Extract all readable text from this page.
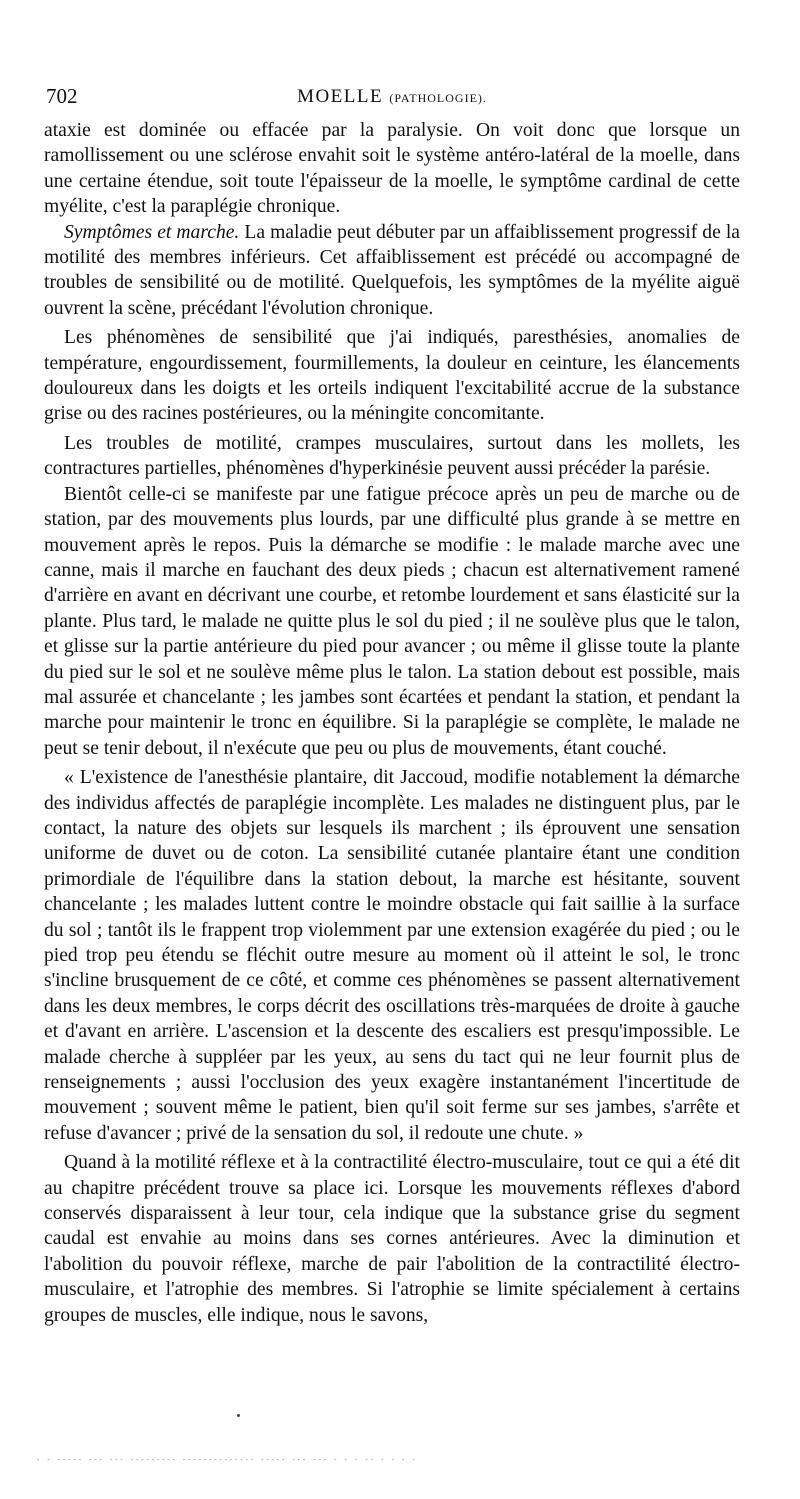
702	MOELLE (PATHOLOGIE).

ataxie est dominée ou effacée par la paralysie. On voit donc que lorsque un ramollissement ou une sclérose envahit soit le système antéro-latéral de la moelle, dans une certaine étendue, soit toute l'épaisseur de la moelle, le symptôme cardinal de cette myélite, c'est la paraplégie chronique.

Symptômes et marche. La maladie peut débuter par un affaiblissement progressif de la motilité des membres inférieurs. Cet affaiblissement est précédé ou accompagné de troubles de sensibilité ou de motilité. Quelquefois, les symptômes de la myélite aiguë ouvrent la scène, précédant l'évolution chronique.

Les phénomènes de sensibilité que j'ai indiqués, paresthésies, anomalies de température, engourdissement, fourmillements, la douleur en ceinture, les élancements douloureux dans les doigts et les orteils indiquent l'excitabilité accrue de la substance grise ou des racines postérieures, ou la méningite concomitante.

Les troubles de motilité, crampes musculaires, surtout dans les mollets, les contractures partielles, phénomènes d'hyperkinésie peuvent aussi précéder la parésie.

Bientôt celle-ci se manifeste par une fatigue précoce après un peu de marche ou de station, par des mouvements plus lourds, par une difficulté plus grande à se mettre en mouvement après le repos. Puis la démarche se modifie : le malade marche avec une canne, mais il marche en fauchant des deux pieds ; chacun est alternativement ramené d'arrière en avant en décrivant une courbe, et retombe lourdement et sans élasticité sur la plante. Plus tard, le malade ne quitte plus le sol du pied ; il ne soulève plus que le talon, et glisse sur la partie antérieure du pied pour avancer ; ou même il glisse toute la plante du pied sur le sol et ne soulève même plus le talon. La station debout est possible, mais mal assurée et chancelante ; les jambes sont écartées et pendant la station, et pendant la marche pour maintenir le tronc en équilibre. Si la paraplégie se complète, le malade ne peut se tenir debout, il n'exécute que peu ou plus de mouvements, étant couché.

« L'existence de l'anesthésie plantaire, dit Jaccoud, modifie notablement la démarche des individus affectés de paraplégie incomplète. Les malades ne distinguent plus, par le contact, la nature des objets sur lesquels ils marchent ; ils éprouvent une sensation uniforme de duvet ou de coton. La sensibilité cutanée plantaire étant une condition primordiale de l'équilibre dans la station debout, la marche est hésitante, souvent chancelante ; les malades luttent contre le moindre obstacle qui fait saillie à la surface du sol ; tantôt ils le frappent trop violemment par une extension exagérée du pied ; ou le pied trop peu étendu se fléchit outre mesure au moment où il atteint le sol, le tronc s'incline brusquement de ce côté, et comme ces phénomènes se passent alternativement dans les deux membres, le corps décrit des oscillations très-marquées de droite à gauche et d'avant en arrière. L'ascension et la descente des escaliers est presqu'impossible. Le malade cherche à suppléer par les yeux, au sens du tact qui ne leur fournit plus de renseignements ; aussi l'occlusion des yeux exagère instantanément l'incertitude de mouvement ; souvent même le patient, bien qu'il soit ferme sur ses jambes, s'arrête et refuse d'avancer ; privé de la sensation du sol, il redoute une chute. »

Quand à la motilité réflexe et à la contractilité électro-musculaire, tout ce qui a été dit au chapitre précédent trouve sa place ici. Lorsque les mouvements réflexes d'abord conservés disparaissent à leur tour, cela indique que la substance grise du segment caudal est envahie au moins dans ses cornes antérieures. Avec la diminution et l'abolition du pouvoir réflexe, marche de pair l'abolition de la contractilité électro-musculaire, et l'atrophie des membres. Si l'atrophie se limite spécialement à certains groupes de muscles, elle indique, nous le savons,

- - ----- --- --- --------- -------------- ----- --- --- - - - -- - - - -
